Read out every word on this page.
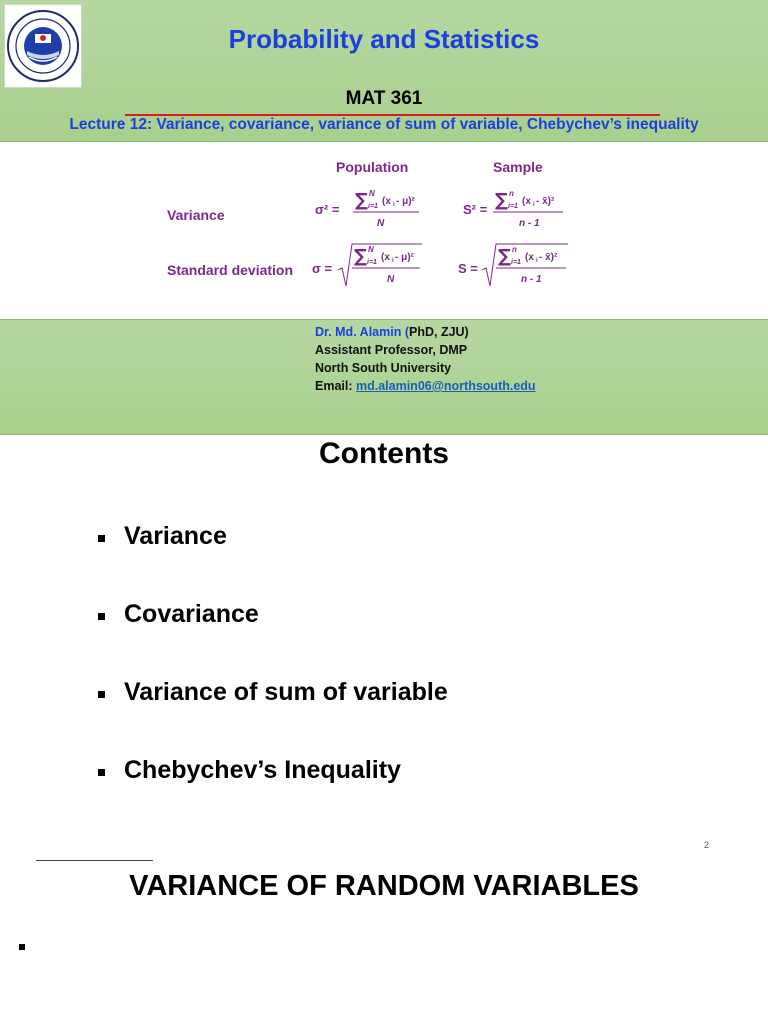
Probability and Statistics
MAT 361
Lecture 12: Variance, covariance, variance of sum of variable, Chebychev’s inequality
Population	Sample
Variance
Standard deviation
σ² = ∑ N
i=1 (x i - μ)²
N
S² = ∑ n
i=1 (x i - x̄)²
n - 1
σ =
∑ N
i=1 (x i - μ)²
N
S =
∑ n
i=1 (x i - x̄)²
n - 1
Dr. Md. Alamin (PhD, ZJU)
Assistant Professor, DMP
North South University
Email: md.alamin06@northsouth.edu
Contents
Variance
Covariance
Variance of sum of variable
Chebychev’s Inequality
2
VARIANCE OF RANDOM VARIABLES
